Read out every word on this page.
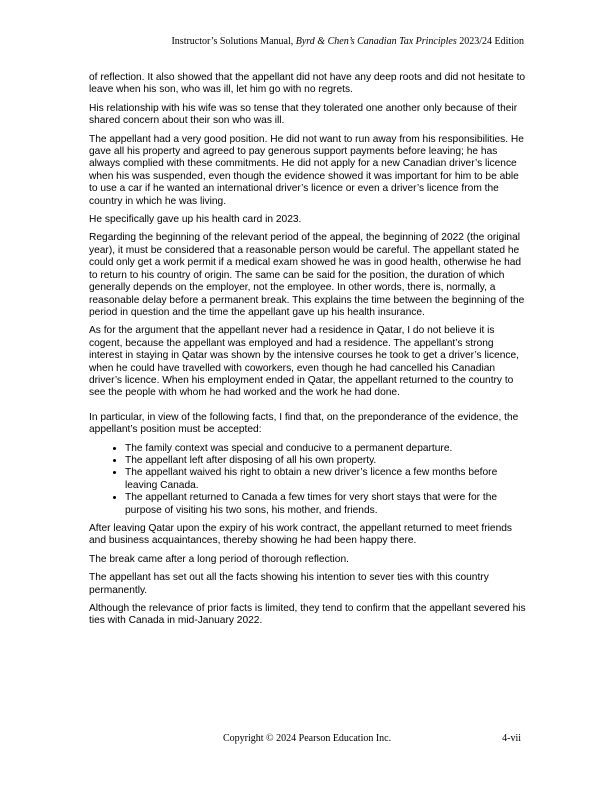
Instructor’s Solutions Manual, Byrd & Chen’s Canadian Tax Principles 2023/24 Edition

of reflection. It also showed that the appellant did not have any deep roots and did not hesitate to leave when his son, who was ill, let him go with no regrets.

His relationship with his wife was so tense that they tolerated one another only because of their shared concern about their son who was ill.

The appellant had a very good position. He did not want to run away from his responsibilities. He gave all his property and agreed to pay generous support payments before leaving; he has always complied with these commitments. He did not apply for a new Canadian driver’s licence when his was suspended, even though the evidence showed it was important for him to be able to use a car if he wanted an international driver’s licence or even a driver’s licence from the country in which he was living.

He specifically gave up his health card in 2023.

Regarding the beginning of the relevant period of the appeal, the beginning of 2022 (the original year), it must be considered that a reasonable person would be careful. The appellant stated he could only get a work permit if a medical exam showed he was in good health, otherwise he had to return to his country of origin. The same can be said for the position, the duration of which generally depends on the employer, not the employee. In other words, there is, normally, a reasonable delay before a permanent break. This explains the time between the beginning of the period in question and the time the appellant gave up his health insurance.

As for the argument that the appellant never had a residence in Qatar, I do not believe it is cogent, because the appellant was employed and had a residence. The appellant’s strong interest in staying in Qatar was shown by the intensive courses he took to get a driver’s licence, when he could have travelled with coworkers, even though he had cancelled his Canadian driver’s licence. When his employment ended in Qatar, the appellant returned to the country to see the people with whom he had worked and the work he had done.

In particular, in view of the following facts, I find that, on the preponderance of the evidence, the appellant’s position must be accepted:

• The family context was special and conducive to a permanent departure.
• The appellant left after disposing of all his own property.
• The appellant waived his right to obtain a new driver’s licence a few months before leaving Canada.
• The appellant returned to Canada a few times for very short stays that were for the purpose of visiting his two sons, his mother, and friends.

After leaving Qatar upon the expiry of his work contract, the appellant returned to meet friends and business acquaintances, thereby showing he had been happy there.

The break came after a long period of thorough reflection.

The appellant has set out all the facts showing his intention to sever ties with this country permanently.

Although the relevance of prior facts is limited, they tend to confirm that the appellant severed his ties with Canada in mid-January 2022.

Copyright © 2024 Pearson Education Inc.	4-vii
